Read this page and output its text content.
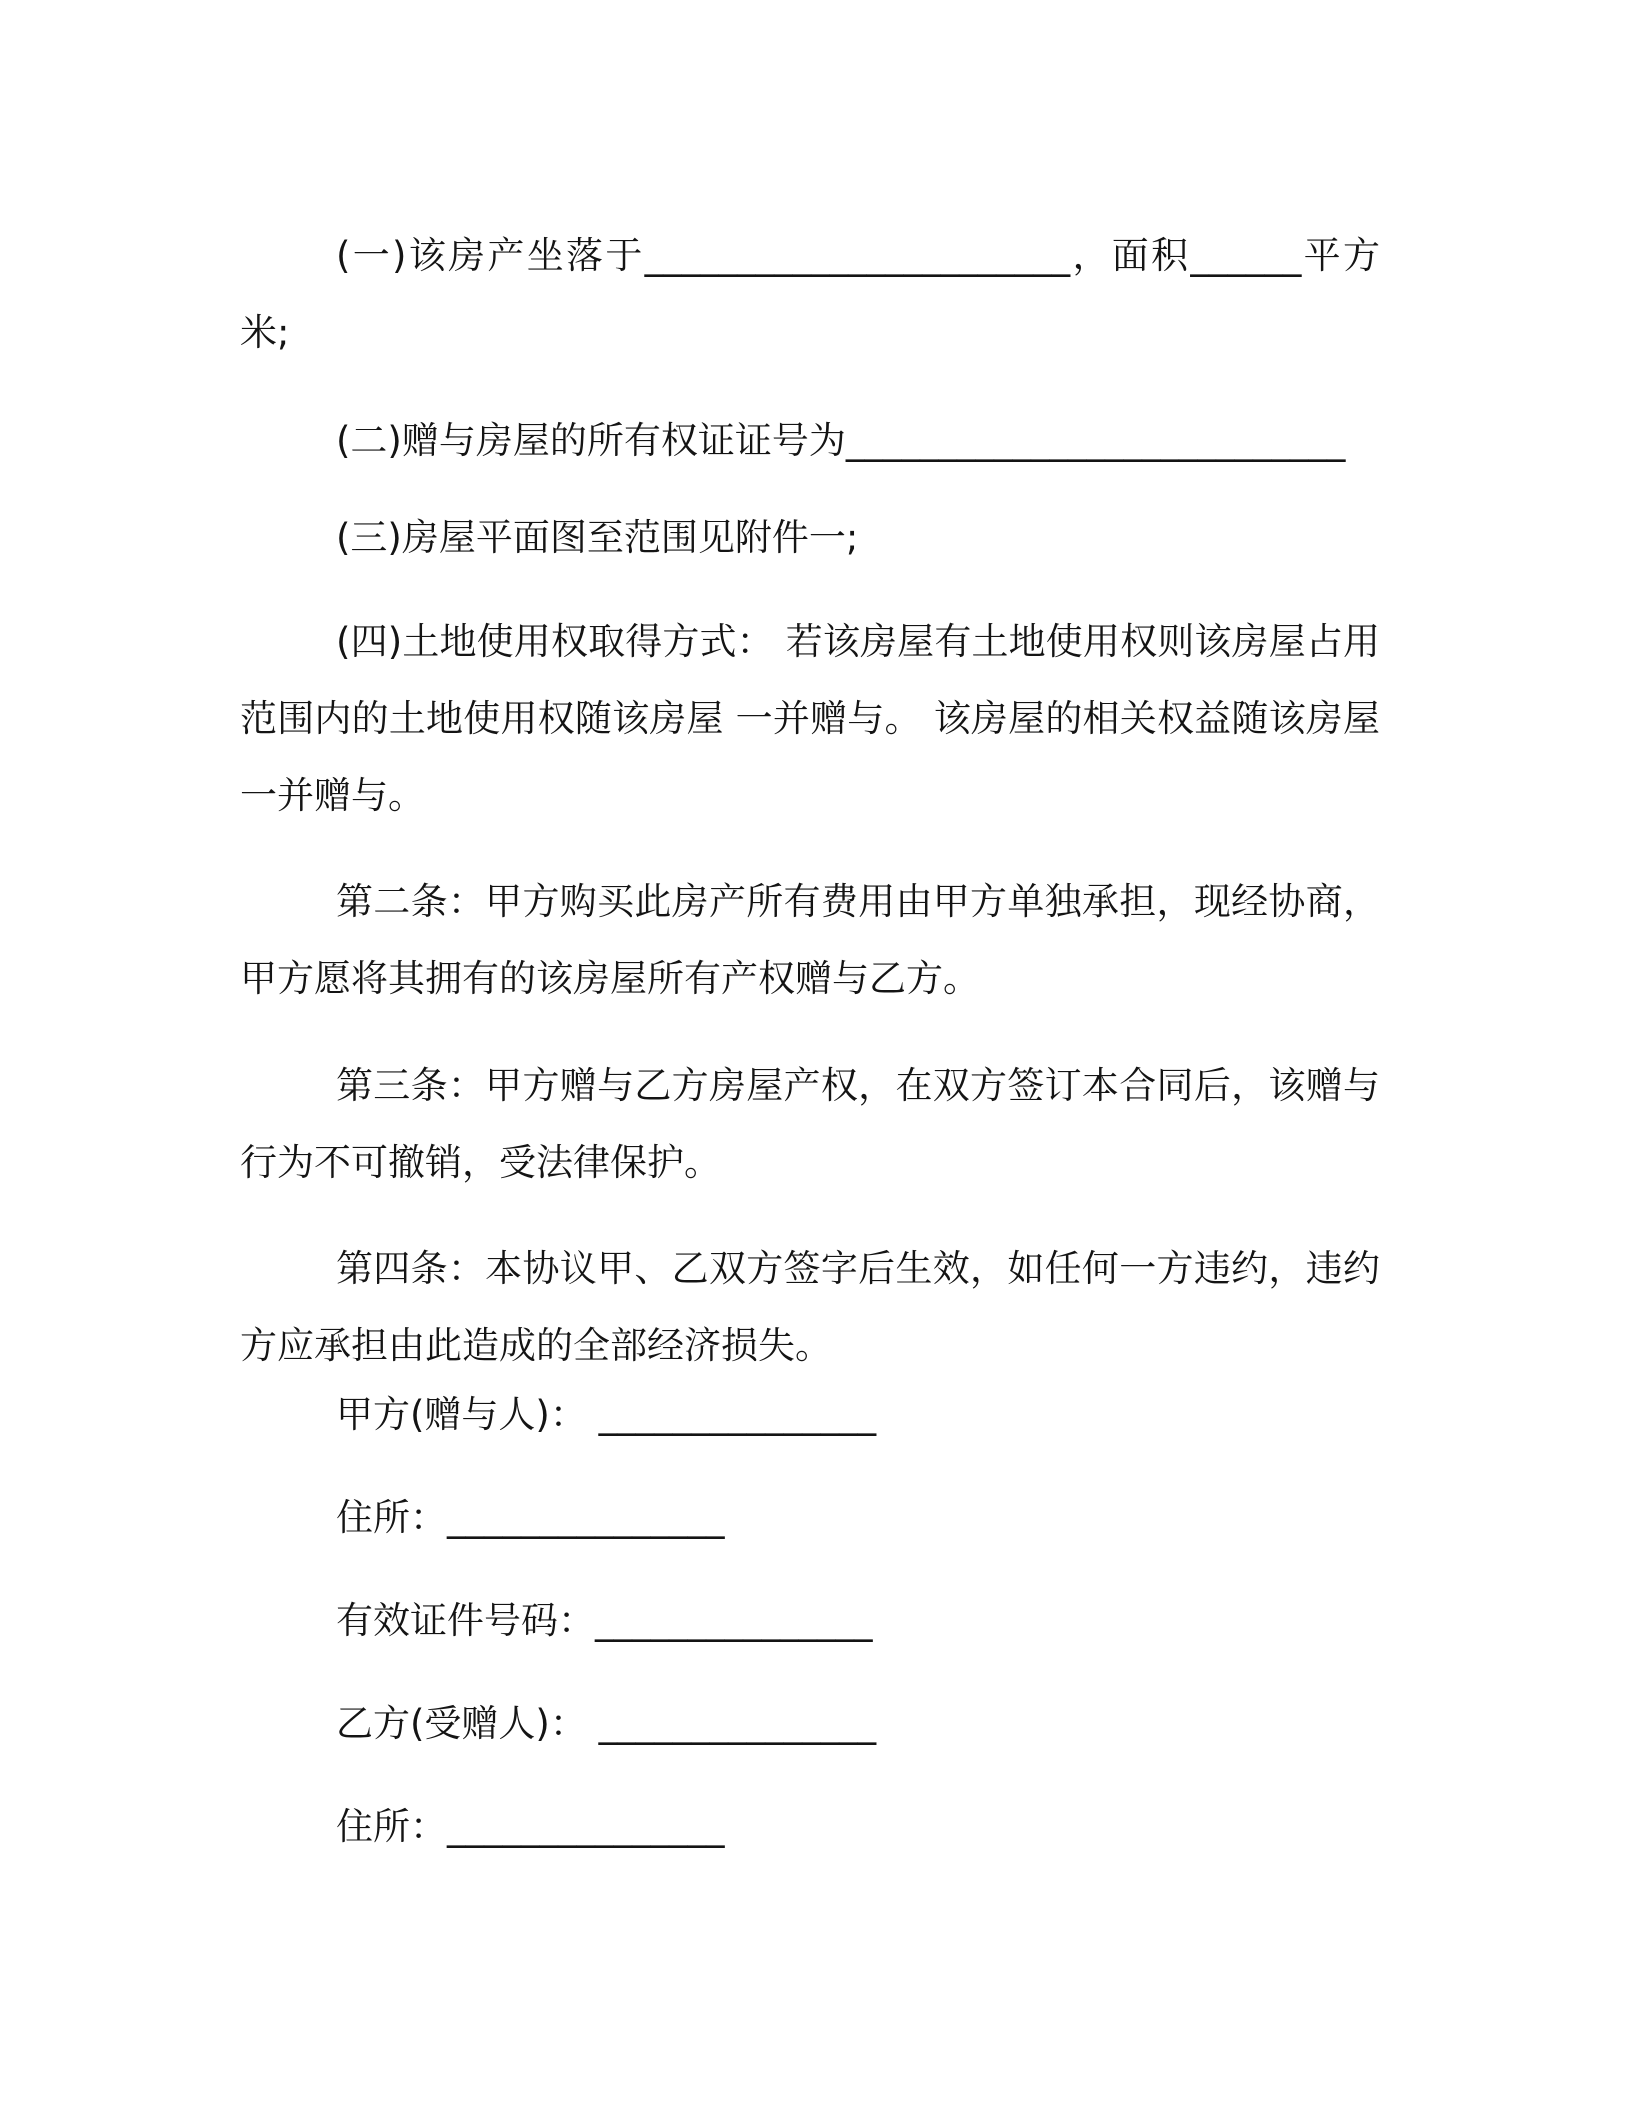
(一)该房产坐落于_______________________，面积______平方米;

(二)赠与房屋的所有权证证号为___________________________

(三)房屋平面图至范围见附件一;

(四)土地使用权取得方式： 若该房屋有土地使用权则该房屋占用范围内的土地使用权随该房屋 一并赠与。 该房屋的相关权益随该房屋一并赠与。

第二条：甲方购买此房产所有费用由甲方单独承担，现经协商，甲方愿将其拥有的该房屋所有产权赠与乙方。

第三条：甲方赠与乙方房屋产权，在双方签订本合同后，该赠与行为不可撤销，受法律保护。

第四条：本协议甲、乙双方签字后生效，如任何一方违约，违约方应承担由此造成的全部经济损失。

甲方(赠与人)： _______________
住所：_______________
有效证件号码：_______________
乙方(受赠人)： _______________
住所：_______________
